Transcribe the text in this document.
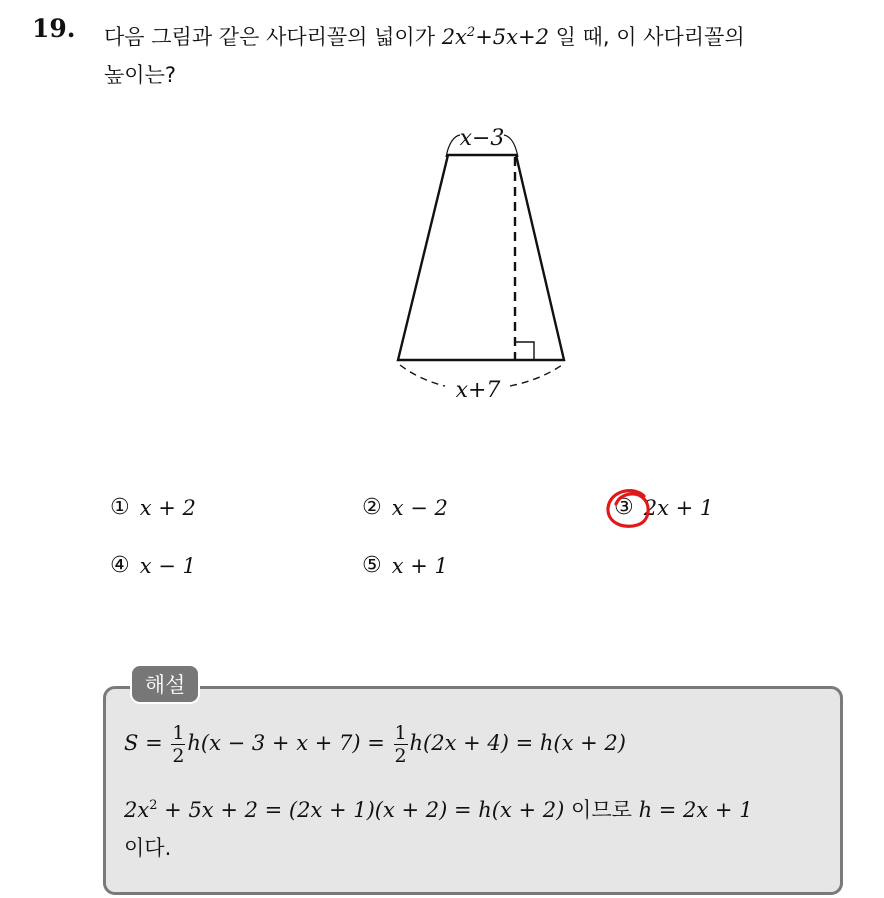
19. 다음 그림과 같은 사다리꼴의 넓이가 $2x^2+5x+2$ 일 때, 이 사다리꼴의
높이는?
x−3
x+7
① x + 2	② x − 2	③ 2x + 1
④ x − 1	⑤ x + 1
해설
$S = \frac{1}{2} h(x - 3 + x + 7) = \frac{1}{2} h(2x + 4) = h(x + 2)$
$2x^2 + 5x + 2 = (2x + 1)(x + 2) = h(x + 2)$ 이므로 h = 2x + 1
이다.
